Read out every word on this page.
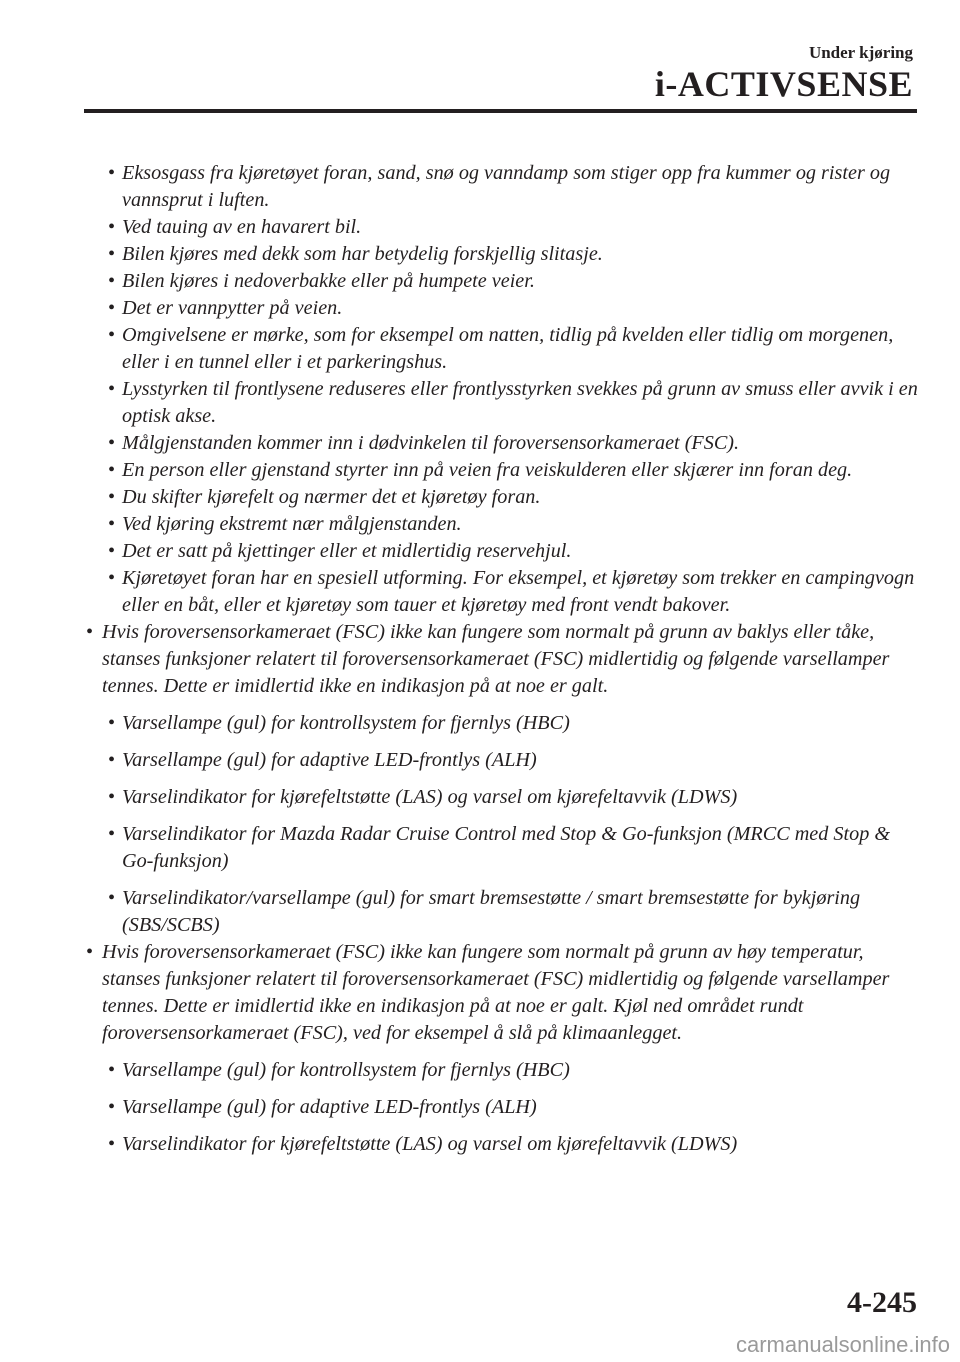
Under kjøring
i-ACTIVSENSE
• Eksosgass fra kjøretøyet foran, sand, snø og vanndamp som stiger opp fra kummer og rister og vannsprut i luften.
• Ved tauing av en havarert bil.
• Bilen kjøres med dekk som har betydelig forskjellig slitasje.
• Bilen kjøres i nedoverbakke eller på humpete veier.
• Det er vannpytter på veien.
• Omgivelsene er mørke, som for eksempel om natten, tidlig på kvelden eller tidlig om morgenen, eller i en tunnel eller i et parkeringshus.
• Lysstyrken til frontlysene reduseres eller frontlysstyrken svekkes på grunn av smuss eller avvik i en optisk akse.
• Målgjenstanden kommer inn i dødvinkelen til foroversensorkameraet (FSC).
• En person eller gjenstand styrter inn på veien fra veiskulderen eller skjærer inn foran deg.
• Du skifter kjørefelt og nærmer det et kjøretøy foran.
• Ved kjøring ekstremt nær målgjenstanden.
• Det er satt på kjettinger eller et midlertidig reservehjul.
• Kjøretøyet foran har en spesiell utforming. For eksempel, et kjøretøy som trekker en campingvogn eller en båt, eller et kjøretøy som tauer et kjøretøy med front vendt bakover.
• Hvis foroversensorkameraet (FSC) ikke kan fungere som normalt på grunn av baklys eller tåke, stanses funksjoner relatert til foroversensorkameraet (FSC) midlertidig og følgende varsellamper tennes. Dette er imidlertid ikke en indikasjon på at noe er galt.
• Varsellampe (gul) for kontrollsystem for fjernlys (HBC)
• Varsellampe (gul) for adaptive LED-frontlys (ALH)
• Varselindikator for kjørefeltstøtte (LAS) og varsel om kjørefeltavvik (LDWS)
• Varselindikator for Mazda Radar Cruise Control med Stop & Go-funksjon (MRCC med Stop & Go-funksjon)
• Varselindikator/varsellampe (gul) for smart bremsestøtte / smart bremsestøtte for bykjøring (SBS/SCBS)
• Hvis foroversensorkameraet (FSC) ikke kan fungere som normalt på grunn av høy temperatur, stanses funksjoner relatert til foroversensorkameraet (FSC) midlertidig og følgende varsellamper tennes. Dette er imidlertid ikke en indikasjon på at noe er galt. Kjøl ned området rundt foroversensorkameraet (FSC), ved for eksempel å slå på klimaanlegget.
• Varsellampe (gul) for kontrollsystem for fjernlys (HBC)
• Varsellampe (gul) for adaptive LED-frontlys (ALH)
• Varselindikator for kjørefeltstøtte (LAS) og varsel om kjørefeltavvik (LDWS)
4-245
carmanualsonline.info
